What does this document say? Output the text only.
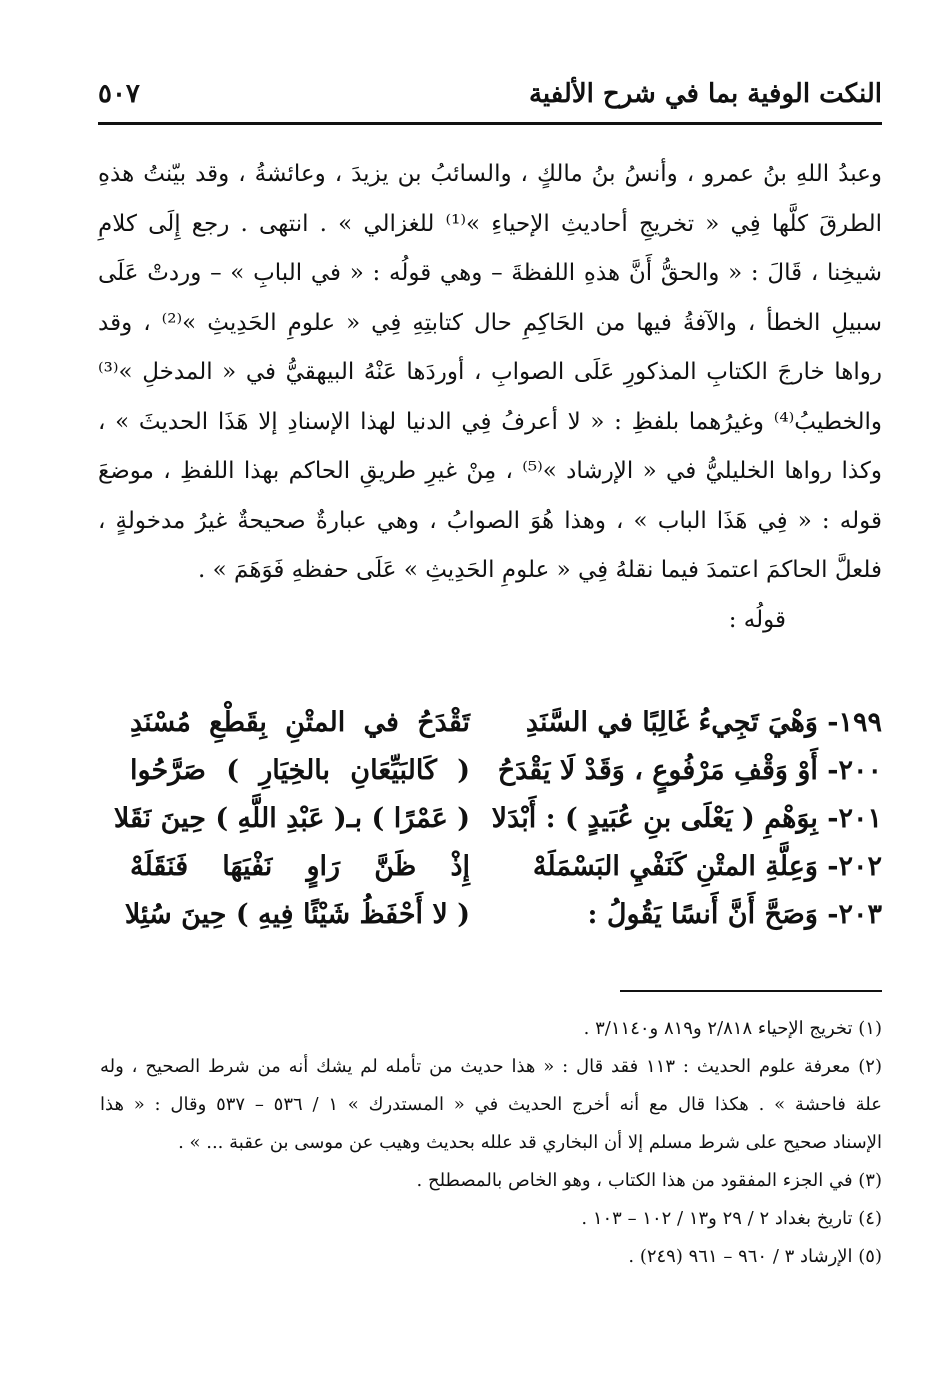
النكت الوفية بما في شرح الألفية
٥٠٧

وعبدُ اللهِ بنُ عمرو ، وأنسُ بنُ مالكٍ ، والسائبُ بن يزيدَ ، وعائشةُ ، وقد بيّنتُ هذهِ

الطرقَ كلَّها فِي « تخريجِ أحاديثِ الإحياءِ »⁽¹⁾ للغزالي » . انتهى . رجع إِلَى كلامِ

شيخِنا ، قَالَ : « والحقُّ أَنَّ هذهِ اللفظةَ – وهي قولُه : « في البابِ » – وردتْ عَلَى

سبيلِ الخطأ ، والآفةُ فيها من الحَاكِمِ حال كتابتِهِ فِي « علومِ الحَدِيثِ »⁽²⁾ ، وقد

رواها خارجَ الكتابِ المذكورِ عَلَى الصوابِ ، أوردَها عَنْهُ البيهقيُّ في « المدخلِ »⁽³⁾

والخطيبُ⁽⁴⁾ وغيرُهما بلفظِ : « لا أعرفُ فِي الدنيا لهذا الإسنادِ إلا هَذَا الحديثَ » ،

وكذا رواها الخليليُّ في « الإرشاد »⁽⁵⁾ ، مِنْ غيرِ طريقِ الحاكم بهذا اللفظِ ، موضعَ

قوله : « فِي هَذَا الباب » ، وهذا هُوَ الصوابُ ، وهي عبارةٌ صحيحةٌ غيرُ مدخولةٍ ،

فلعلَّ الحاكمَ اعتمدَ فيما نقلهُ فِي « علومِ الحَدِيثِ » عَلَى حفظهِ فَوَهَمَ » .

قولُه :

١٩٩- وَهْيَ تَجِيءُ غَالِبًا في السَّنَدِ
تَقْدَحُ في المتْنِ بِقَطْعِ مُسْنَدِ
٢٠٠- أَوْ وَقْفِ مَرْفُوعٍ ، وَقَدْ لَا يَقْدَحُ
( كَالبَيِّعَانِ بالخِيَارِ ) صَرَّحُوا
٢٠١- بِوَهْمِ ( يَعْلَى بنِ عُبَيدٍ ) : أَبْدَلا
( عَمْرًا ) بـ( عَبْدِ اللَّهِ ) حِينَ نَقَلا
٢٠٢- وَعِلَّةِ المتْنِ كَنَفْيِ البَسْمَلَهْ
إِذْ ظَنَّ رَاوٍ نَفْيَهَا فَنَقَلَهْ
٢٠٣- وَصَحَّ أَنَّ أَنسًا يَقُولُ :
( لا أَحْفَظُ شَيْئًا فِيهِ ) حِينَ سُئِلا

(١) تخريج الإحياء ٢/٨١٨ و٨١٩ و٣/١١٤٠ .

(٢) معرفة علوم الحديث : ١١٣ فقد قال : « هذا حديث من تأمله لم يشك أنه من شرط الصحيح ، وله

علة فاحشة » . هكذا قال مع أنه أخرج الحديث في « المستدرك » ١ / ٥٣٦ – ٥٣٧ وقال : « هذا

الإسناد صحيح على شرط مسلم إلا أن البخاري قد علله بحديث وهيب عن موسى بن عقبة ... » .

(٣) في الجزء المفقود من هذا الكتاب ، وهو الخاص بالمصطلح .

(٤) تاريخ بغداد ٢ / ٢٩ و١٣ / ١٠٢ – ١٠٣ .

(٥) الإرشاد ٣ / ٩٦٠ – ٩٦١ (٢٤٩) .
